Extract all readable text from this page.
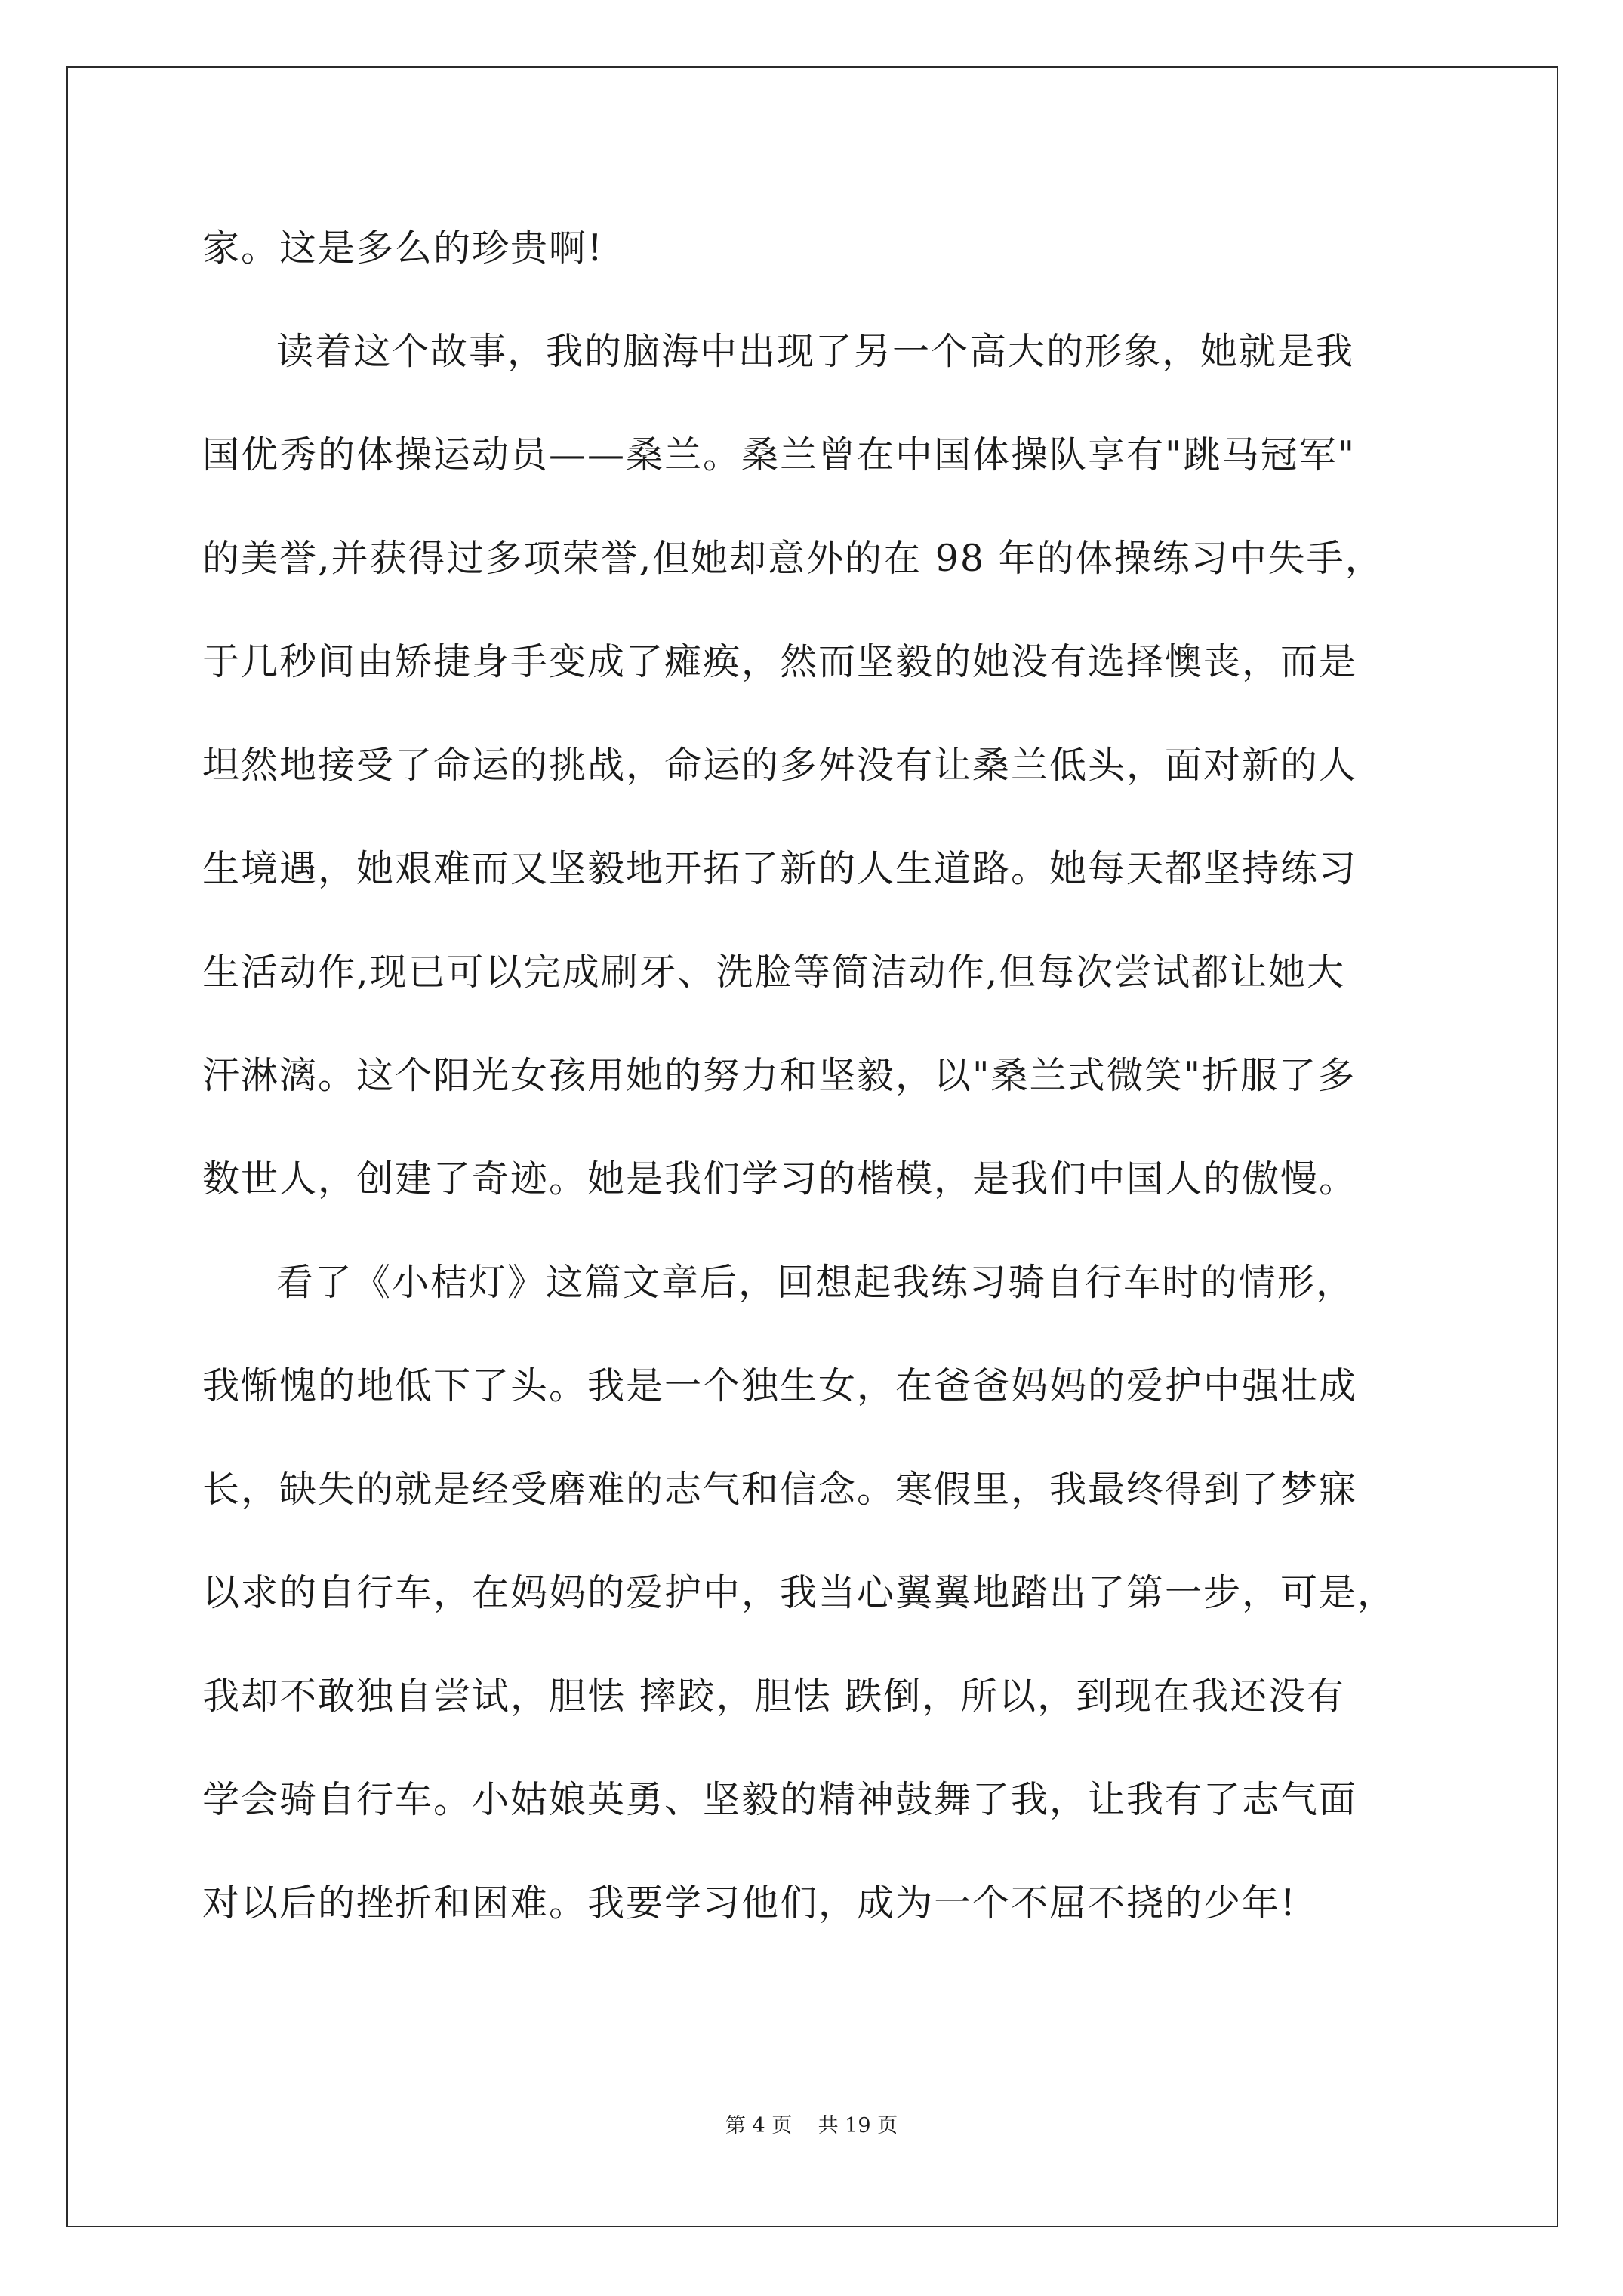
家。这是多么的珍贵啊!
读着这个故事，我的脑海中出现了另一个高大的形象，她就是我
国优秀的体操运动员——桑兰。桑兰曾在中国体操队享有"跳马冠军"
的美誉,并获得过多项荣誉,但她却意外的在 98 年的体操练习中失手，
于几秒间由矫捷身手变成了瘫痪，然而坚毅的她没有选择懊丧，而是
坦然地接受了命运的挑战，命运的多舛没有让桑兰低头，面对新的人
生境遇，她艰难而又坚毅地开拓了新的人生道路。她每天都坚持练习
生活动作,现已可以完成刷牙、洗脸等简洁动作,但每次尝试都让她大
汗淋漓。这个阳光女孩用她的努力和坚毅，以"桑兰式微笑"折服了多
数世人，创建了奇迹。她是我们学习的楷模，是我们中国人的傲慢。
看了《小桔灯》这篇文章后，回想起我练习骑自行车时的情形，
我惭愧的地低下了头。我是一个独生女，在爸爸妈妈的爱护中强壮成
长，缺失的就是经受磨难的志气和信念。寒假里，我最终得到了梦寐
以求的自行车，在妈妈的爱护中，我当心翼翼地踏出了第一步，可是，
我却不敢独自尝试，胆怯 摔跤，胆怯 跌倒，所以，到现在我还没有
学会骑自行车。小姑娘英勇、坚毅的精神鼓舞了我，让我有了志气面
对以后的挫折和困难。我要学习他们，成为一个不屈不挠的少年!
第 4 页    共 19 页
